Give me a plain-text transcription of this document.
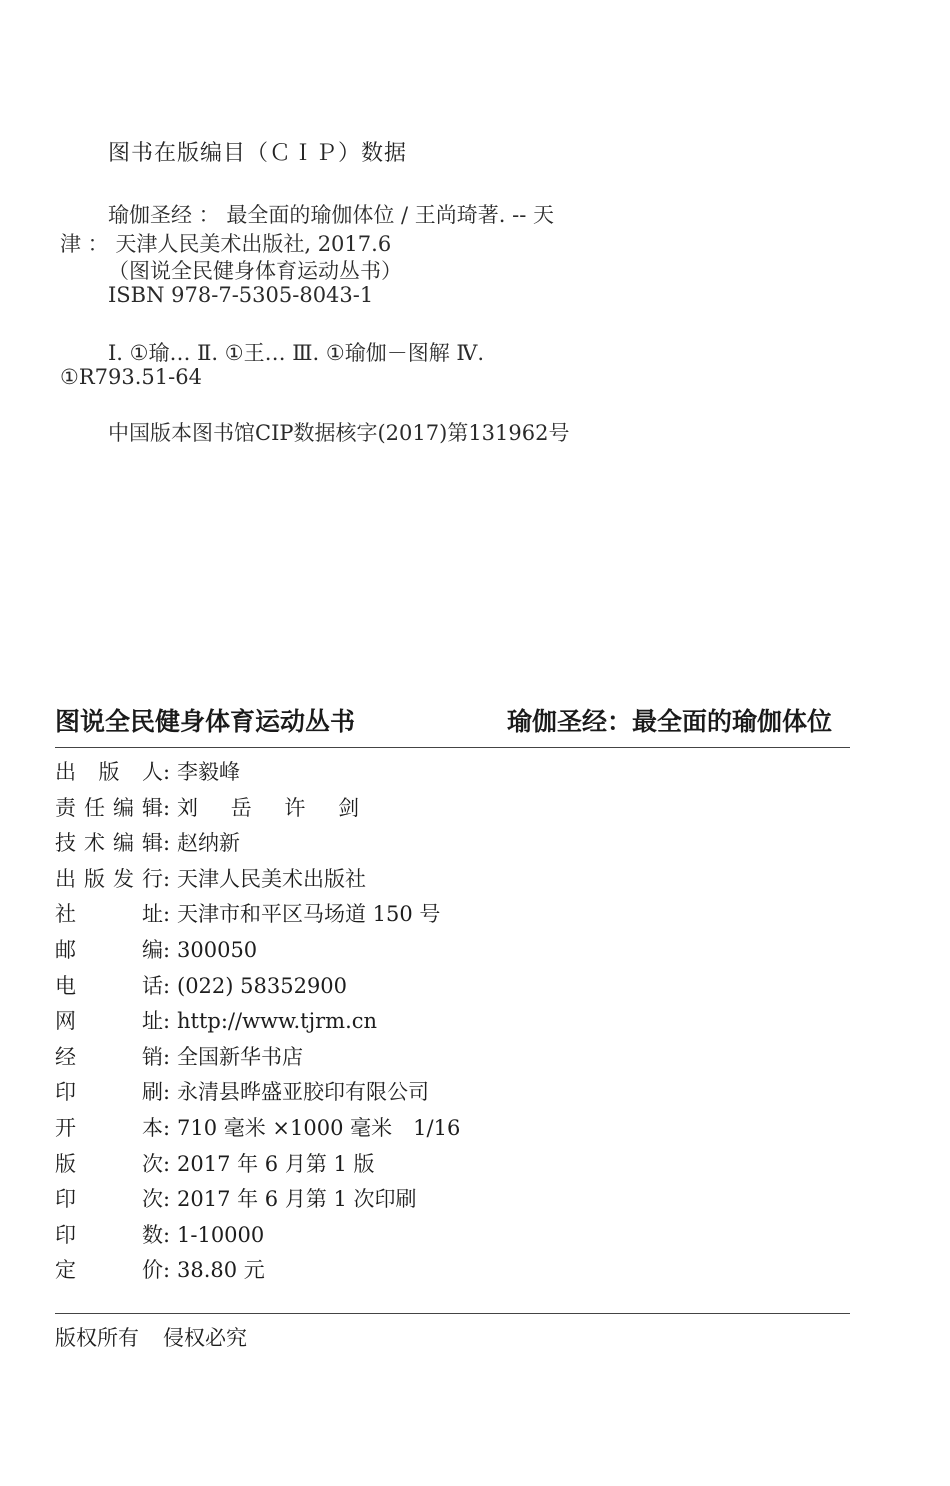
图书在版编目（ＣＩＰ）数据
瑜伽圣经 ： 最全面的瑜伽体位 / 王尚琦著. -- 天
津 ： 天津人民美术出版社, 2017.6
（图说全民健身体育运动丛书）
ISBN 978-7-5305-8043-1
Ⅰ. ①瑜… Ⅱ. ①王… Ⅲ. ①瑜伽－图解 Ⅳ.
①R793.51-64
中国版本图书馆CIP数据核字(2017)第131962号
图说全民健身体育运动丛书	瑜伽圣经：最全面的瑜伽体位
出 版 人 : 李毅峰
责 任 编 辑 : 刘 岳 许 剑
技 术 编 辑 : 赵纳新
出 版 发 行 : 天津人民美术出版社
社	址 : 天津市和平区马场道 150 号
邮	编 : 300050
电	话 : (022) 58352900
网	址 : http://www.tjrm.cn
经	销 : 全国新华书店
印	刷 : 永清县晔盛亚胶印有限公司
开	本 : 710 毫米 ×1000 毫米　1/16
版	次 : 2017 年 6 月第 1 版
印	次 : 2017 年 6 月第 1 次印刷
印	数 : 1-10000
定	价 : 38.80 元
版权所有 侵权必究
